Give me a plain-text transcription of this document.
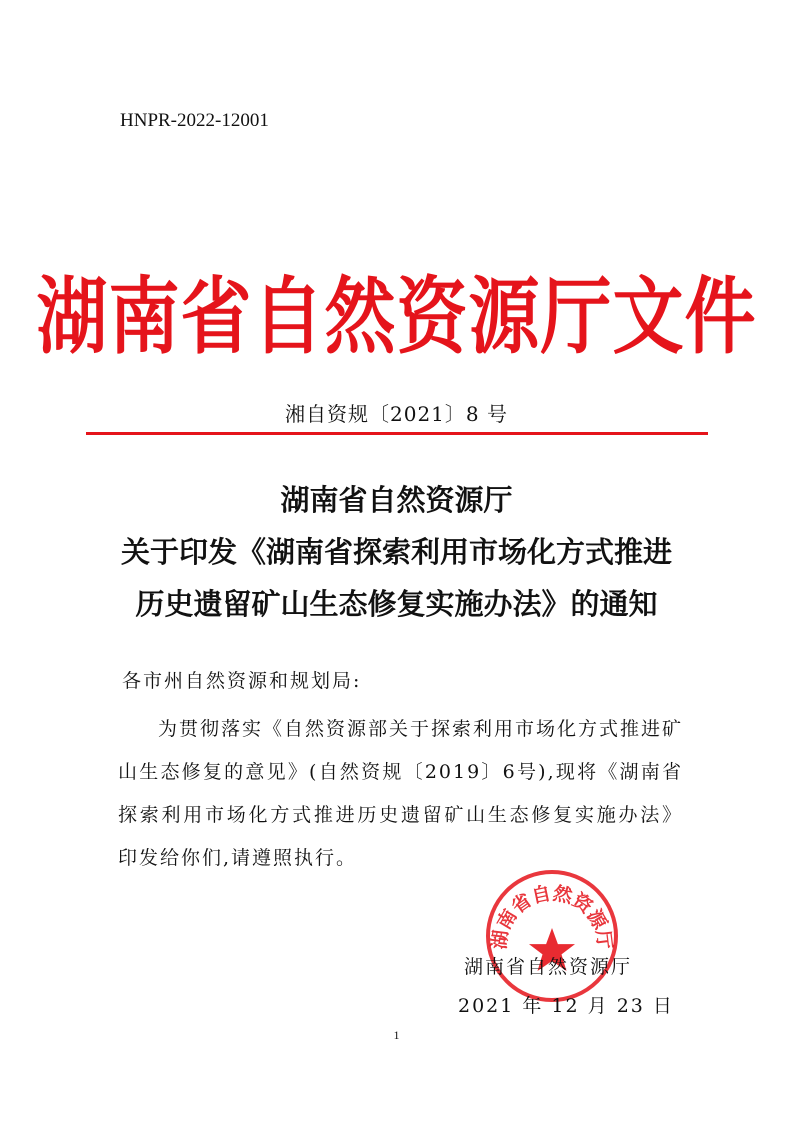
HNPR-2022-12001
湖南省自然资源厅文件
湘自资规〔2021〕8 号
湖南省自然资源厅
关于印发《湖南省探索利用市场化方式推进
历史遗留矿山生态修复实施办法》的通知
各市州自然资源和规划局:
为贯彻落实《自然资源部关于探索利用市场化方式推进矿山生态修复的意见》(自然资规〔2019〕6号),现将《湖南省探索利用市场化方式推进历史遗留矿山生态修复实施办法》印发给你们,请遵照执行。
湖南省自然资源厅
湖南省自然资源厅
2021 年 12 月 23 日
1
